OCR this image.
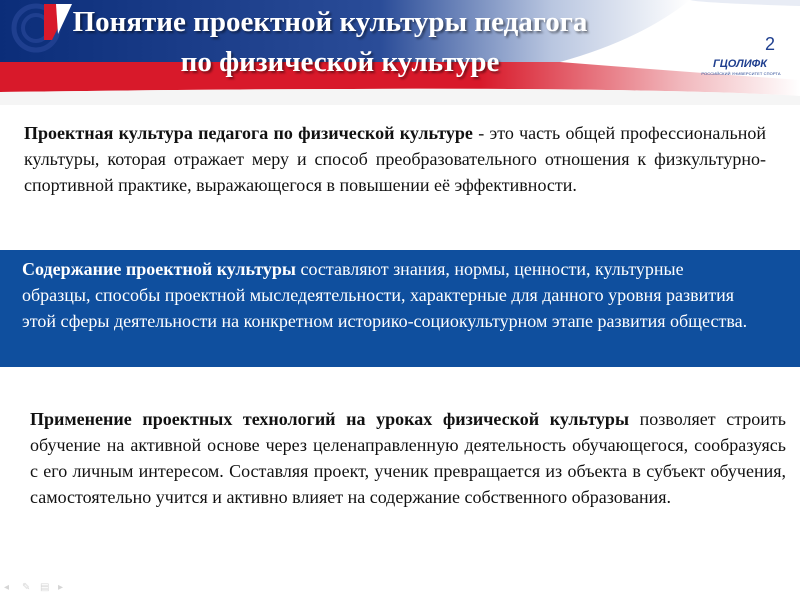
Понятие проектной культуры педагога
по физической культуре
2
ГЦОЛИФК
РОССИЙСКИЙ УНИВЕРСИТЕТ СПОРТА

Проектная культура педагога по физической культуре - это часть общей профессиональной культуры, которая отражает меру и способ преобразовательного отношения к физкультурно-спортивной практике, выражающегося в повышении её эффективности.

Содержание проектной культуры составляют знания, нормы, ценности, культурные образцы, способы проектной мыследеятельности, характерные для данного уровня развития этой сферы деятельности на конкретном историко-социокультурном этапе развития общества.

Применение проектных технологий на уроках физической культуры позволяет строить обучение на активной основе через целенаправленную деятельность обучающегося, сообразуясь с его личным интересом. Составляя проект, ученик превращается из объекта в субъект обучения, самостоятельно учится и активно влияет на содержание собственного образования.

◂	✎ ▤ ▸
